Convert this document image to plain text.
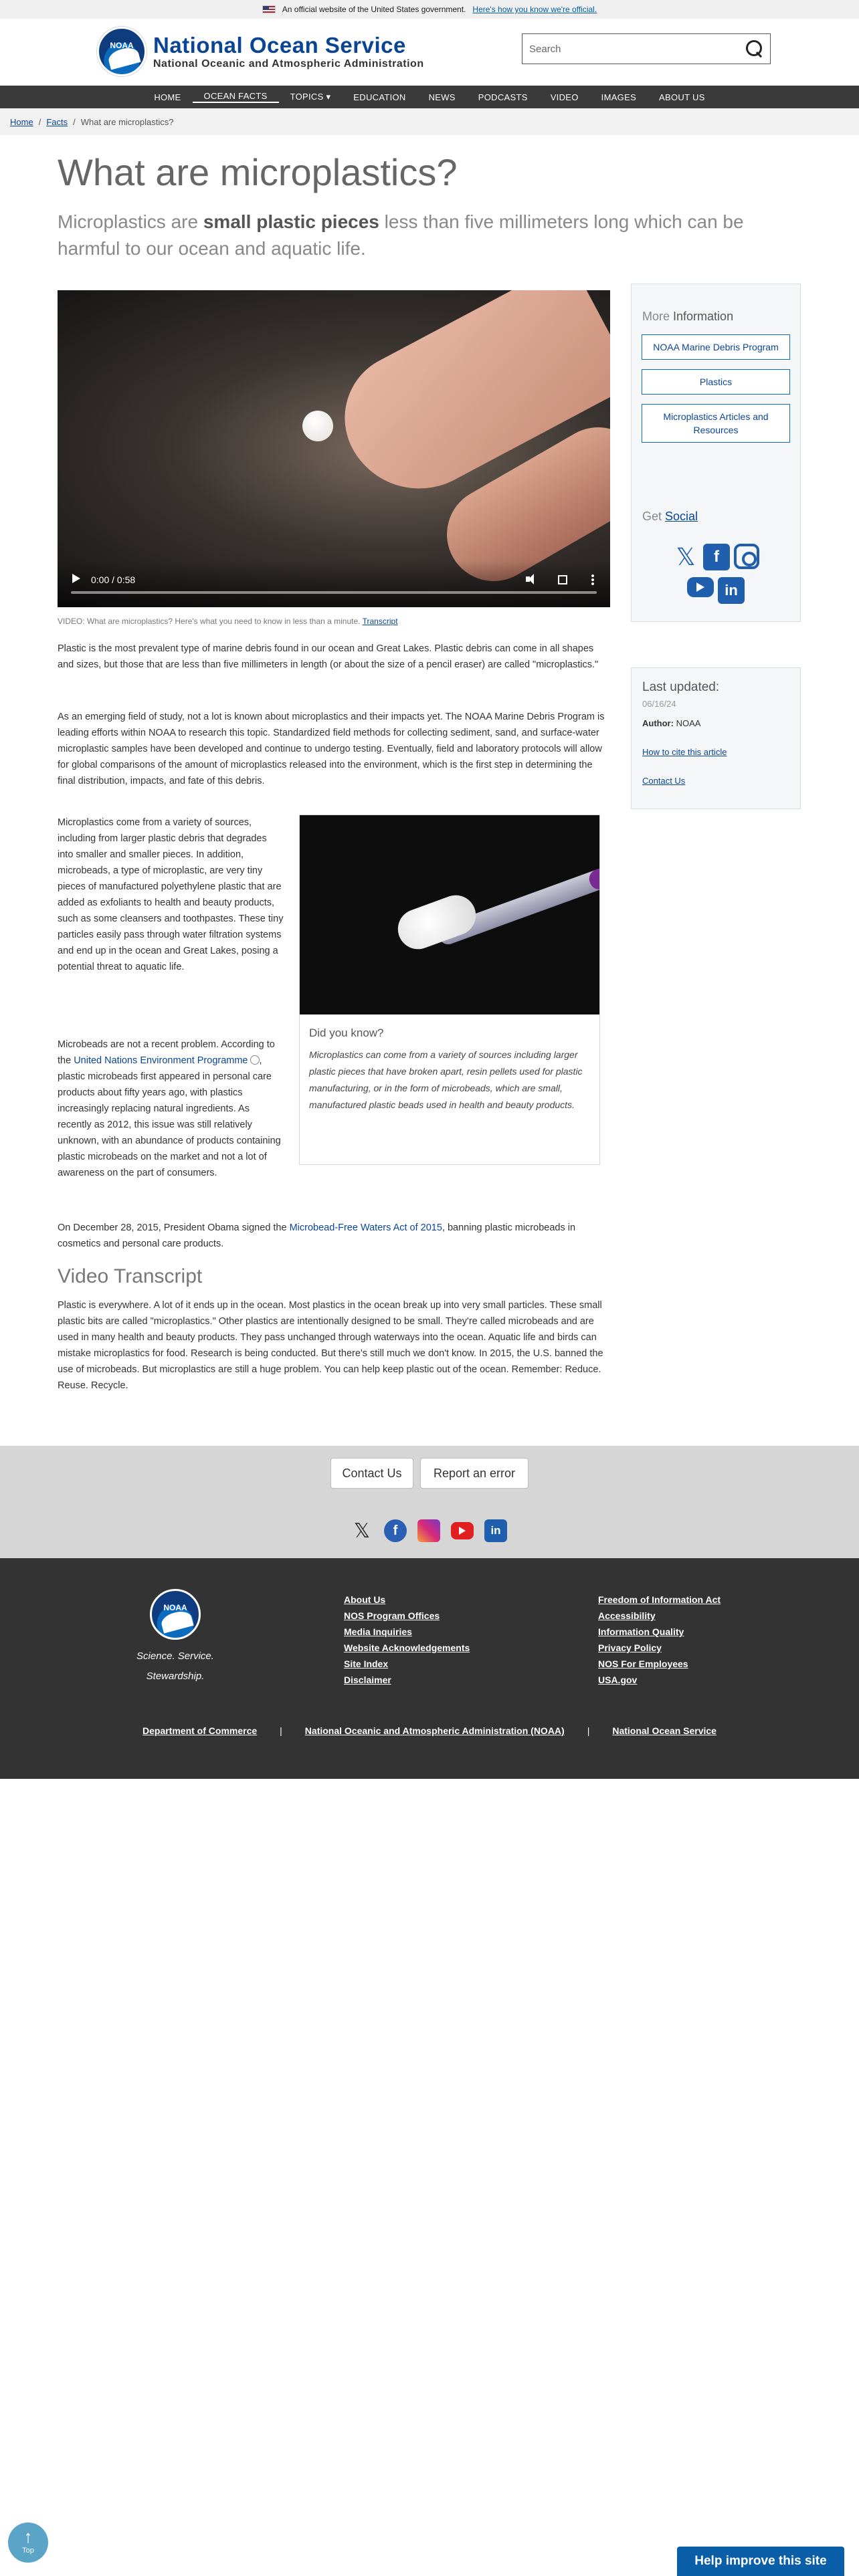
An official website of the United States government. Here's how you know we're official.
NOAA National Ocean Service
National Oceanic and Atmospheric Administration
Search
HOME	OCEAN FACTS	TOPICS ▾	EDUCATION	NEWS	PODCASTS	VIDEO	IMAGES	ABOUT US
Home / Facts / What are microplastics?
What are microplastics?

Microplastics are small plastic pieces less than five millimeters long which can be harmful to our ocean and aquatic life.

0:00 / 0:58
VIDEO: What are microplastics? Here's what you need to know in less than a minute. Transcript

Plastic is the most prevalent type of marine debris found in our ocean and Great Lakes. Plastic debris can come in all shapes and sizes, but those that are less than five millimeters in length (or about the size of a pencil eraser) are called "microplastics."

As an emerging field of study, not a lot is known about microplastics and their impacts yet. The NOAA Marine Debris Program is leading efforts within NOAA to research this topic. Standardized field methods for collecting sediment, sand, and surface-water microplastic samples have been developed and continue to undergo testing. Eventually, field and laboratory protocols will allow for global comparisons of the amount of microplastics released into the environment, which is the first step in determining the final distribution, impacts, and fate of this debris.

Microplastics come from a variety of sources, including from larger plastic debris that degrades into smaller and smaller pieces. In addition, microbeads, a type of microplastic, are very tiny pieces of manufactured polyethylene plastic that are added as exfoliants to health and beauty products, such as some cleansers and toothpastes. These tiny particles easily pass through water filtration systems and end up in the ocean and Great Lakes, posing a potential threat to aquatic life.

Microbeads are not a recent problem. According to the United Nations Environment Programme , plastic microbeads first appeared in personal care products about fifty years ago, with plastics increasingly replacing natural ingredients. As recently as 2012, this issue was still relatively unknown, with an abundance of products containing plastic microbeads on the market and not a lot of awareness on the part of consumers.

Did you know?
Microplastics can come from a variety of sources including larger plastic pieces that have broken apart, resin pellets used for plastic manufacturing, or in the form of microbeads, which are small, manufactured plastic beads used in health and beauty products.

On December 28, 2015, President Obama signed the Microbead-Free Waters Act of 2015, banning plastic microbeads in cosmetics and personal care products.

Video Transcript

Plastic is everywhere. A lot of it ends up in the ocean. Most plastics in the ocean break up into very small particles. These small plastic bits are called "microplastics." Other plastics are intentionally designed to be small. They're called microbeads and are used in many health and beauty products. They pass unchanged through waterways into the ocean. Aquatic life and birds can mistake microplastics for food. Research is being conducted. But there's still much we don't know. In 2015, the U.S. banned the use of microbeads. But microplastics are still a huge problem. You can help keep plastic out of the ocean. Remember: Reduce. Reuse. Recycle.

More Information
NOAA Marine Debris Program
Plastics
Microplastics Articles and Resources
Get Social
𝕏	f
in
Last updated:
06/16/24
Author: NOAA
How to cite this article
Contact Us
Contact Us	Report an error
𝕏	f	in
NOAA
Science. Service. Stewardship.
About Us
NOS Program Offices
Media Inquiries
Website Acknowledgements
Site Index
Disclaimer
Freedom of Information Act
Accessibility
Information Quality
Privacy Policy
NOS For Employees
USA.gov
Department of Commerce | National Oceanic and Atmospheric Administration (NOAA) | National Ocean Service
↑
Top
Help improve this site
